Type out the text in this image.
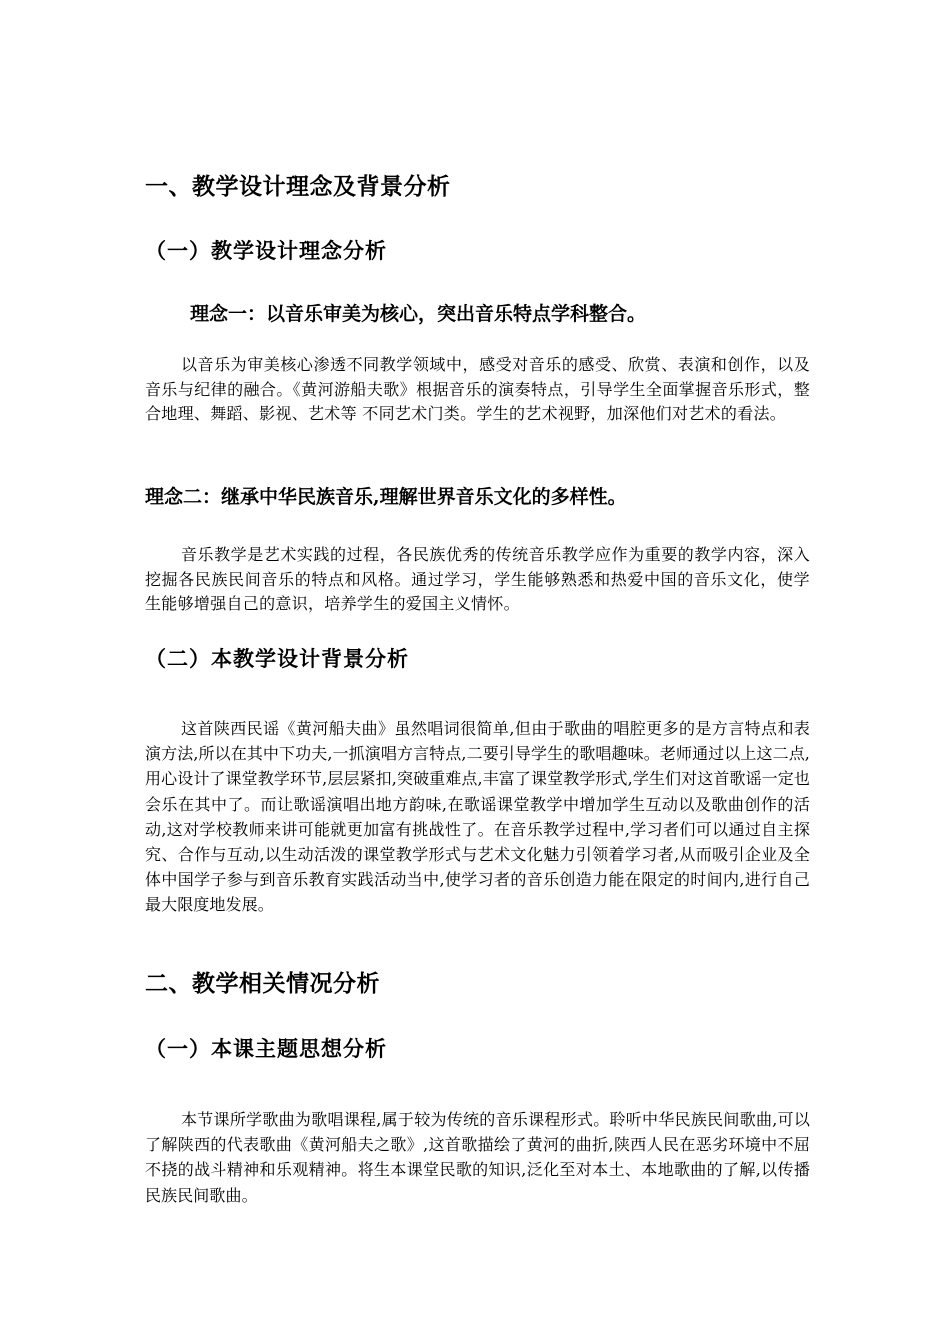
一、教学设计理念及背景分析
（一）教学设计理念分析
理念一：以音乐审美为核心，突出音乐特点学科整合。

以音乐为审美核心渗透不同教学领域中，感受对音乐的感受、欣赏、表演和创作，以及音乐与纪律的融合。《黄河游船夫歌》根据音乐的演奏特点，引导学生全面掌握音乐形式，整合地理、舞蹈、影视、艺术等 不同艺术门类。学生的艺术视野，加深他们对艺术的看法。

理念二：继承中华民族音乐,理解世界音乐文化的多样性。

音乐教学是艺术实践的过程，各民族优秀的传统音乐教学应作为重要的教学内容，深入挖掘各民族民间音乐的特点和风格。通过学习，学生能够熟悉和热爱中国的音乐文化，使学生能够增强自己的意识，培养学生的爱国主义情怀。

（二）本教学设计背景分析

这首陕西民谣《黄河船夫曲》虽然唱词很简单,但由于歌曲的唱腔更多的是方言特点和表演方法,所以在其中下功夫,一抓演唱方言特点,二要引导学生的歌唱趣味。老师通过以上这二点,用心设计了课堂教学环节,层层紧扣,突破重难点,丰富了课堂教学形式,学生们对这首歌谣一定也会乐在其中了。而让歌谣演唱出地方韵味,在歌谣课堂教学中增加学生互动以及歌曲创作的活动,这对学校教师来讲可能就更加富有挑战性了。在音乐教学过程中,学习者们可以通过自主探究、合作与互动,以生动活泼的课堂教学形式与艺术文化魅力引领着学习者,从而吸引企业及全体中国学子参与到音乐教育实践活动当中,使学习者的音乐创造力能在限定的时间内,进行自己最大限度地发展。

二、教学相关情况分析
（一）本课主题思想分析

本节课所学歌曲为歌唱课程,属于较为传统的音乐课程形式。聆听中华民族民间歌曲,可以了解陕西的代表歌曲《黄河船夫之歌》,这首歌描绘了黄河的曲折,陕西人民在恶劣环境中不屈不挠的战斗精神和乐观精神。将生本课堂民歌的知识,泛化至对本土、本地歌曲的了解,以传播民族民间歌曲。
